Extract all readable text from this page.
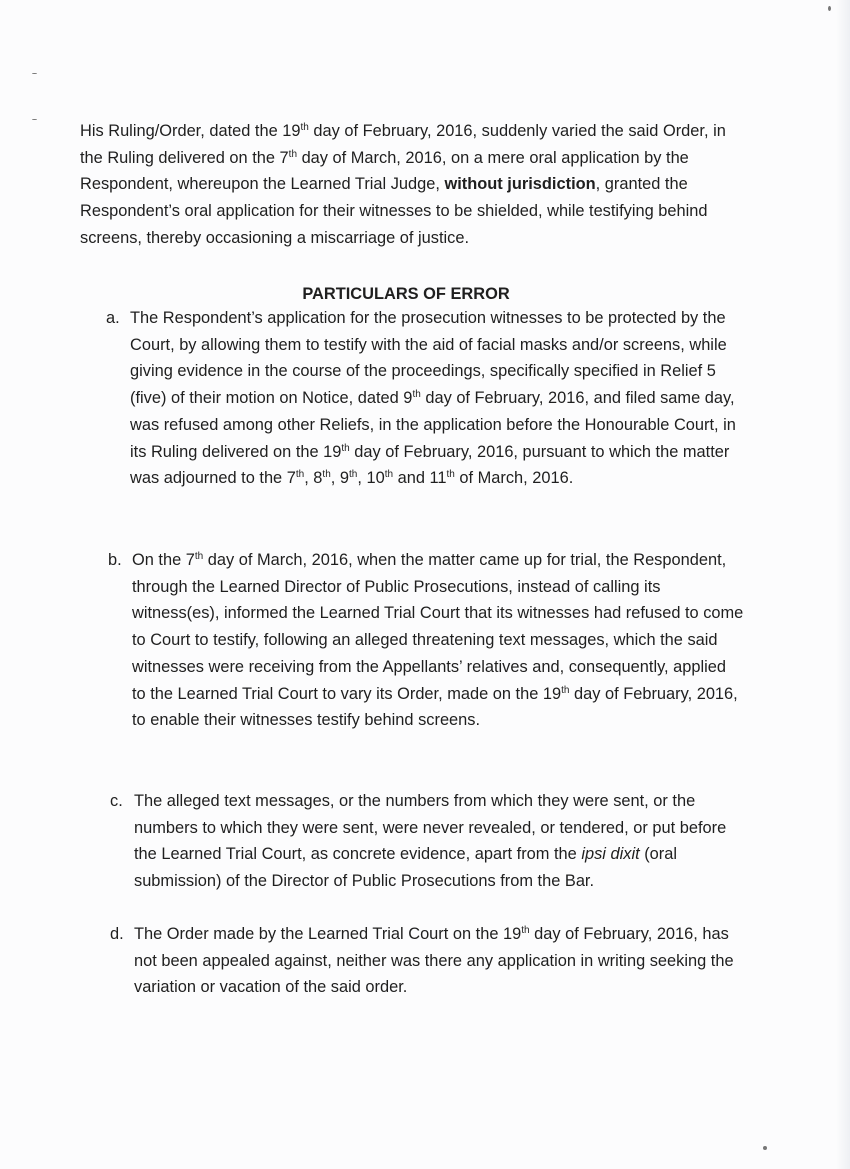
His Ruling/Order, dated the 19th day of February, 2016, suddenly varied the said Order, in the Ruling delivered on the 7th day of March, 2016, on a mere oral application by the Respondent, whereupon the Learned Trial Judge, without jurisdiction, granted the Respondent’s oral application for their witnesses to be shielded, while testifying behind screens, thereby occasioning a miscarriage of justice.

PARTICULARS OF ERROR

a. The Respondent’s application for the prosecution witnesses to be protected by the Court, by allowing them to testify with the aid of facial masks and/or screens, while giving evidence in the course of the proceedings, specifically specified in Relief 5 (five) of their motion on Notice, dated 9th day of February, 2016, and filed same day, was refused among other Reliefs, in the application before the Honourable Court, in its Ruling delivered on the 19th day of February, 2016, pursuant to which the matter was adjourned to the 7th, 8th, 9th, 10th and 11th of March, 2016.

b. On the 7th day of March, 2016, when the matter came up for trial, the Respondent, through the Learned Director of Public Prosecutions, instead of calling its witness(es), informed the Learned Trial Court that its witnesses had refused to come to Court to testify, following an alleged threatening text messages, which the said witnesses were receiving from the Appellants’ relatives and, consequently, applied to the Learned Trial Court to vary its Order, made on the 19th day of February, 2016, to enable their witnesses testify behind screens.

c. The alleged text messages, or the numbers from which they were sent, or the numbers to which they were sent, were never revealed, or tendered, or put before the Learned Trial Court, as concrete evidence, apart from the ipsi dixit (oral submission) of the Director of Public Prosecutions from the Bar.

d. The Order made by the Learned Trial Court on the 19th day of February, 2016, has not been appealed against, neither was there any application in writing seeking the variation or vacation of the said order.
